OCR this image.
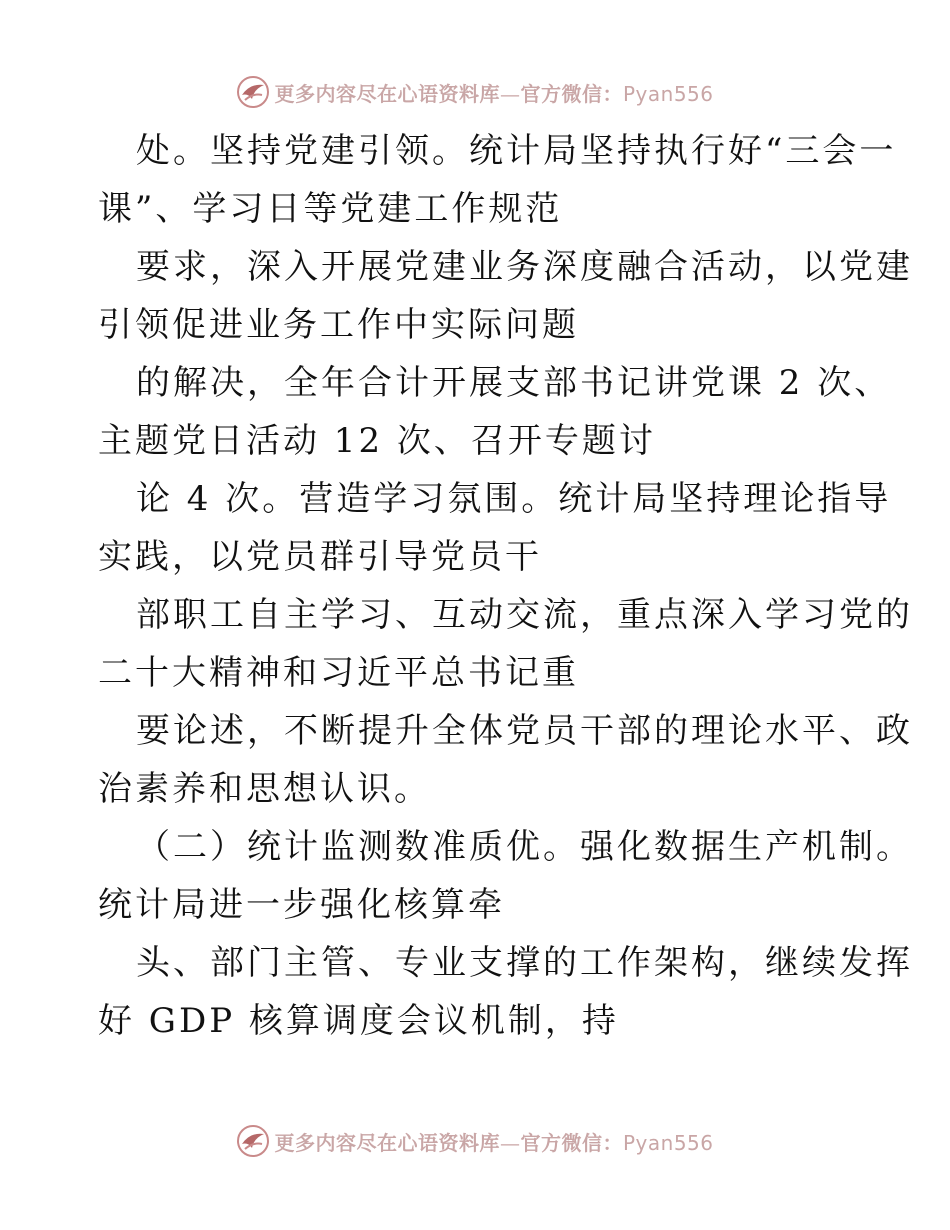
更多内容尽在心语资料库—官方微信：Pyan556
处。坚持党建引领。统计局坚持执行好“三会一
课”、学习日等党建工作规范
要求，深入开展党建业务深度融合活动，以党建
引领促进业务工作中实际问题
的解决，全年合计开展支部书记讲党课 2 次、
主题党日活动 12 次、召开专题讨
论 4 次。营造学习氛围。统计局坚持理论指导
实践，以党员群引导党员干
部职工自主学习、互动交流，重点深入学习党的
二十大精神和习近平总书记重
要论述，不断提升全体党员干部的理论水平、政
治素养和思想认识。
（二）统计监测数准质优。强化数据生产机制。
统计局进一步强化核算牵
头、部门主管、专业支撑的工作架构，继续发挥
好 GDP 核算调度会议机制，持
更多内容尽在心语资料库—官方微信：Pyan556
